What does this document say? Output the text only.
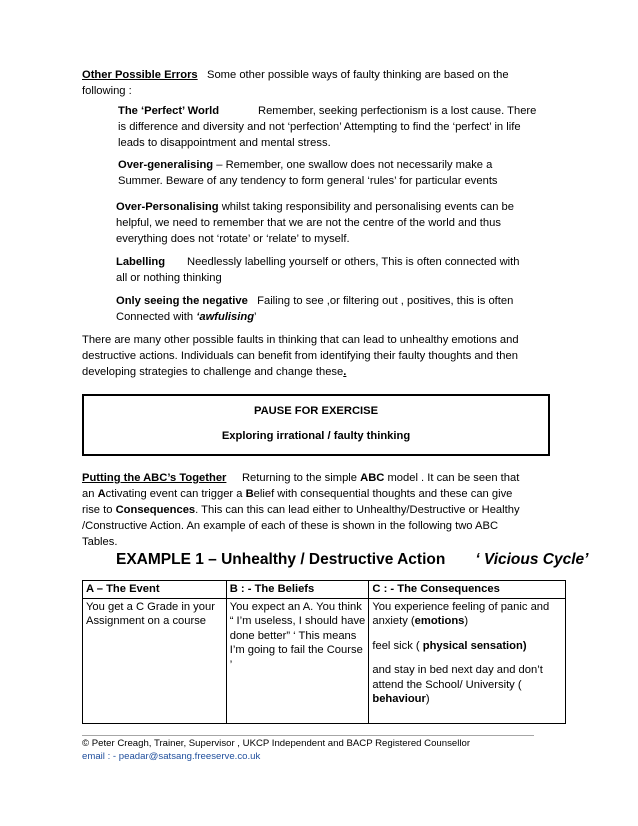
Other Possible Errors Some other possible ways of faulty thinking are based on the
following :
The ‘Perfect’ World	Remember, seeking perfectionism is a lost cause. There
is difference and diversity and not ‘perfection’ Attempting to find the ‘perfect’ in life
leads to disappointment and mental stress.
Over-generalising – Remember, one swallow does not necessarily make a
Summer. Beware of any tendency to form general ‘rules’ for particular events
Over-Personalising whilst taking responsibility and personalising events can be
helpful, we need to remember that we are not the centre of the world and thus
everything does not ‘rotate’ or ‘relate’ to myself.
Labelling Needlessly labelling yourself or others, This is often connected with
all or nothing thinking
Only seeing the negative Failing to see ,or filtering out , positives, this is often
Connected with ‘awfulising’
There are many other possible faults in thinking that can lead to unhealthy emotions and
destructive actions. Individuals can benefit from identifying their faulty thoughts and then
developing strategies to challenge and change these.
PAUSE FOR EXERCISE
Exploring irrational / faulty thinking
Putting the ABC’s Together Returning to the simple ABC model . It can be seen that
an Activating event can trigger a Belief with consequential thoughts and these can give
rise to Consequences. This can this can lead either to Unhealthy/Destructive or Healthy
/Constructive Action. An example of each of these is shown in the following two ABC
Tables.
EXAMPLE 1 – Unhealthy / Destructive Action ‘ Vicious Cycle’
A – The Event	B : - The Beliefs	C : - The Consequences
You get a C Grade in your Assignment on a course	You expect an A. You think “ I’m useless, I should have done better” ‘ This means I’m going to fail the Course ’	You experience feeling of panic and anxiety (emotions)
feel sick ( physical sensation)
and stay in bed next day and don’t attend the School/ University ( behaviour)
© Peter Creagh, Trainer, Supervisor , UKCP Independent and BACP Registered Counsellor
email : - peadar@satsang.freeserve.co.uk
